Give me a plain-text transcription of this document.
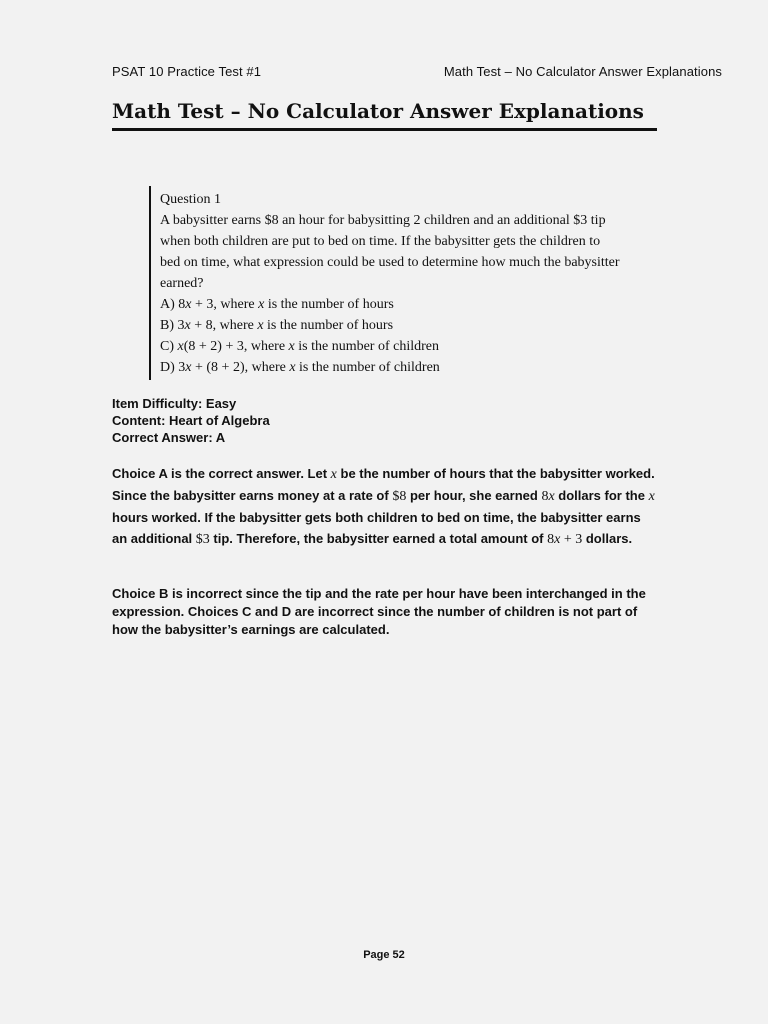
PSAT 10 Practice Test #1	Math Test – No Calculator Answer Explanations
Math Test – No Calculator Answer Explanations

Question 1

A babysitter earns $8 an hour for babysitting 2 children and an additional $3 tip when both children are put to bed on time. If the babysitter gets the children to bed on time, what expression could be used to determine how much the babysitter earned?

A) 8x + 3, where x is the number of hours

B) 3x + 8, where x is the number of hours

C) x(8 + 2) + 3, where x is the number of children

D) 3x + (8 + 2), where x is the number of children

Item Difficulty: Easy
Content: Heart of Algebra
Correct Answer: A

Choice A is the correct answer. Let x be the number of hours that the babysitter worked. Since the babysitter earns money at a rate of $8 per hour, she earned 8x dollars for the x hours worked. If the babysitter gets both children to bed on time, the babysitter earns an additional $3 tip. Therefore, the babysitter earned a total amount of 8x + 3 dollars.

Choice B is incorrect since the tip and the rate per hour have been interchanged in the expression. Choices C and D are incorrect since the number of children is not part of how the babysitter’s earnings are calculated.

Page 52
